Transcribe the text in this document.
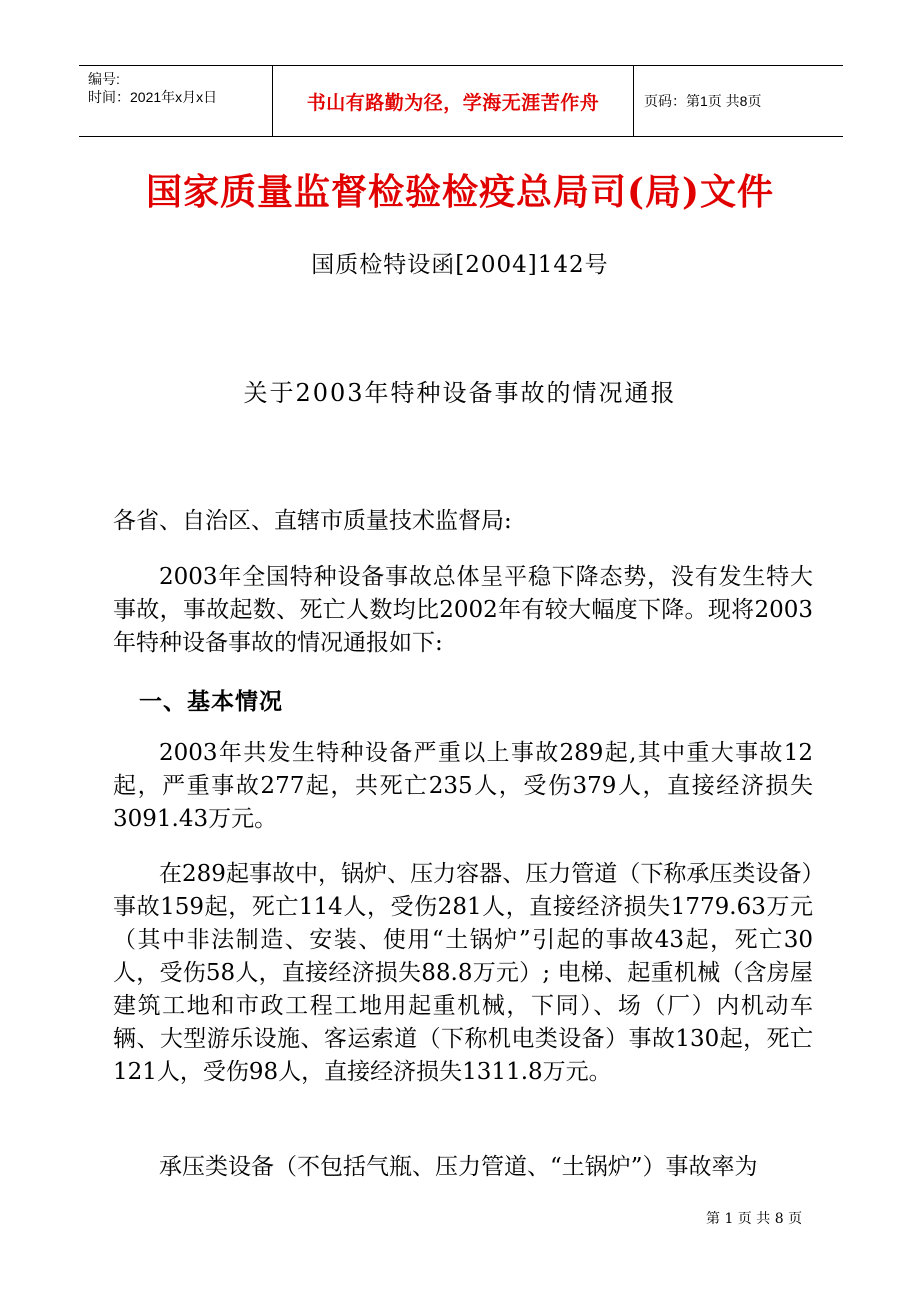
编号:
时间：2021年x月x日	书山有路勤为径，学海无涯苦作舟	页码：第1页 共8页
国家质量监督检验检疫总局司(局)文件
国质检特设函[2004]142号
关于2003年特种设备事故的情况通报

各省、自治区、直辖市质量技术监督局:

2003年全国特种设备事故总体呈平稳下降态势，没有发生特大事故，事故起数、死亡人数均比2002年有较大幅度下降。现将2003年特种设备事故的情况通报如下:

一、基本情况

2003年共发生特种设备严重以上事故289起,其中重大事故12起，严重事故277起，共死亡235人，受伤379人，直接经济损失3091.43万元。

在289起事故中，锅炉、压力容器、压力管道（下称承压类设备）事故159起，死亡114人，受伤281人，直接经济损失1779.63万元（其中非法制造、安装、使用“土锅炉”引起的事故43起，死亡30人，受伤58人，直接经济损失88.8万元）; 电梯、起重机械（含房屋建筑工地和市政工程工地用起重机械，下同）、场（厂）内机动车辆、大型游乐设施、客运索道（下称机电类设备）事故130起，死亡121人，受伤98人，直接经济损失1311.8万元。

承压类设备（不包括气瓶、压力管道、“土锅炉”）事故率为

第 1 页 共 8 页
